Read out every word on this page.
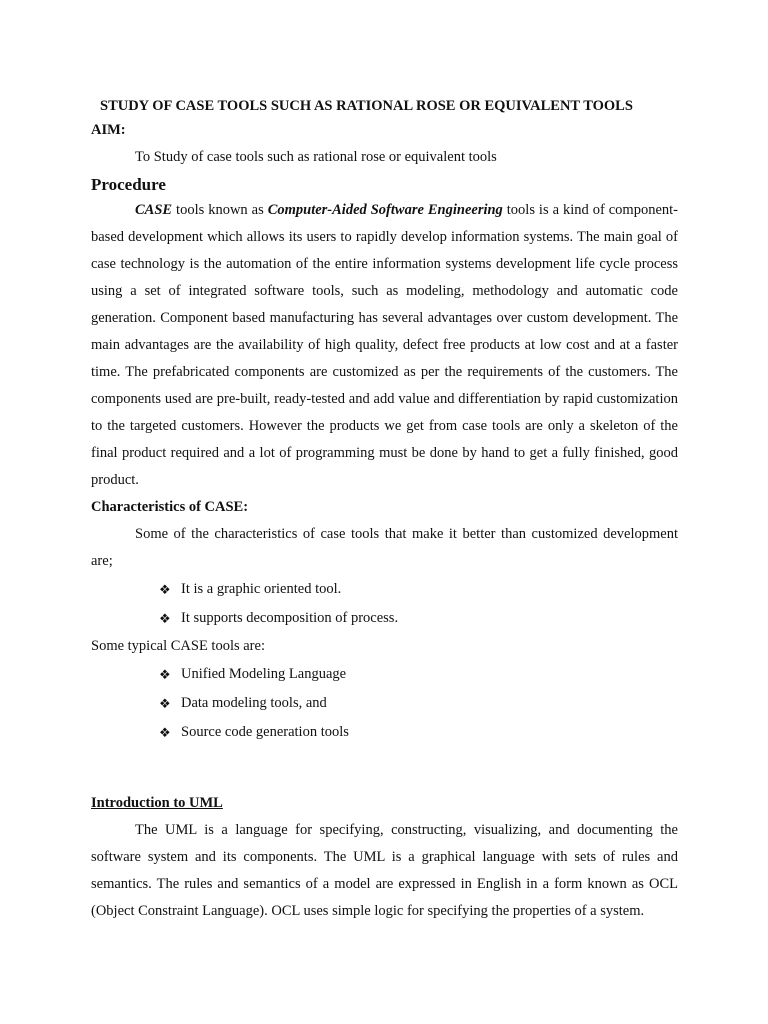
STUDY OF CASE TOOLS SUCH AS RATIONAL ROSE OR EQUIVALENT TOOLS
AIM:
To Study of case tools such as rational rose or equivalent tools
Procedure

CASE tools known as Computer-Aided Software Engineering tools is a kind of component-based development which allows its users to rapidly develop information systems. The main goal of case technology is the automation of the entire information systems development life cycle process using a set of integrated software tools, such as modeling, methodology and automatic code generation. Component based manufacturing has several advantages over custom development. The main advantages are the availability of high quality, defect free products at low cost and at a faster time. The prefabricated components are customized as per the requirements of the customers. The components used are pre-built, ready-tested and add value and differentiation by rapid customization to the targeted customers. However the products we get from case tools are only a skeleton of the final product required and a lot of programming must be done by hand to get a fully finished, good product.

Characteristics of CASE:

Some of the characteristics of case tools that make it better than customized development are;

❖ It is a graphic oriented tool.
❖ It supports decomposition of process.

Some typical CASE tools are:

❖ Unified Modeling Language
❖ Data modeling tools, and
❖ Source code generation tools
Introduction to UML

The UML is a language for specifying, constructing, visualizing, and documenting the software system and its components. The UML is a graphical language with sets of rules and semantics. The rules and semantics of a model are expressed in English in a form known as OCL (Object Constraint Language). OCL uses simple logic for specifying the properties of a system.
